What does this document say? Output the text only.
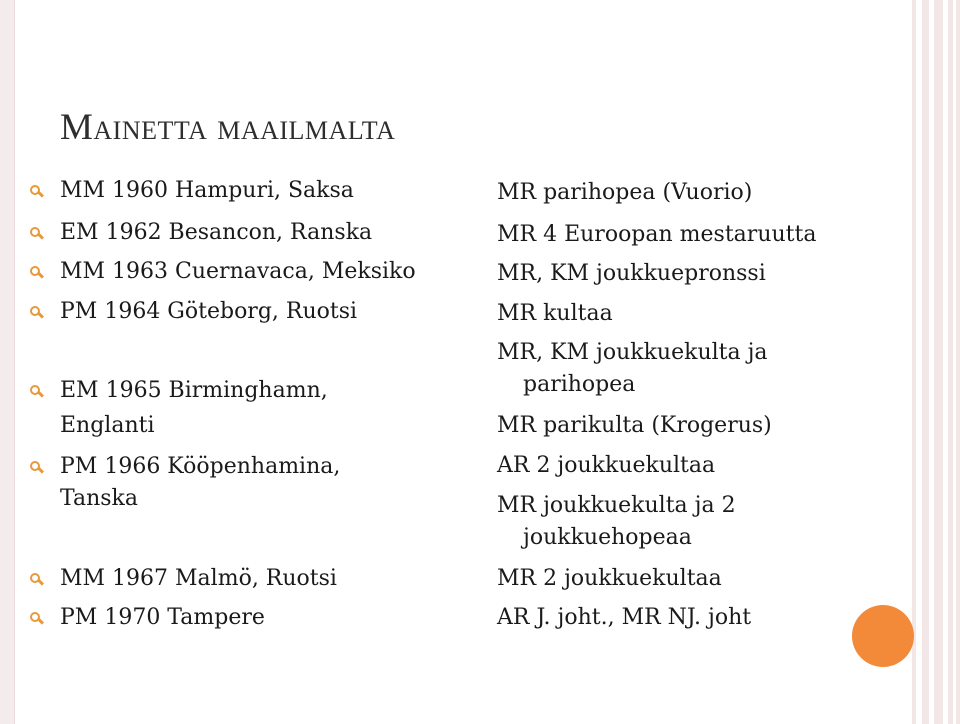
Mainetta maailmalta
MM 1960 Hampuri, Saksa
EM 1962 Besancon, Ranska
MM 1963 Cuernavaca, Meksiko
PM 1964 Göteborg, Ruotsi
EM 1965 Birminghamn,
Englanti
PM 1966 Kööpenhamina,
Tanska
MM 1967 Malmö, Ruotsi
PM 1970 Tampere
MR parihopea (Vuorio)
MR 4 Euroopan mestaruutta
MR, KM joukkuepronssi
MR kultaa
MR, KM joukkuekulta ja
parihopea
MR parikulta (Krogerus)
AR 2 joukkuekultaa
MR joukkuekulta ja 2
joukkuehopeaa
MR 2 joukkuekultaa
AR J. joht., MR NJ. joht
